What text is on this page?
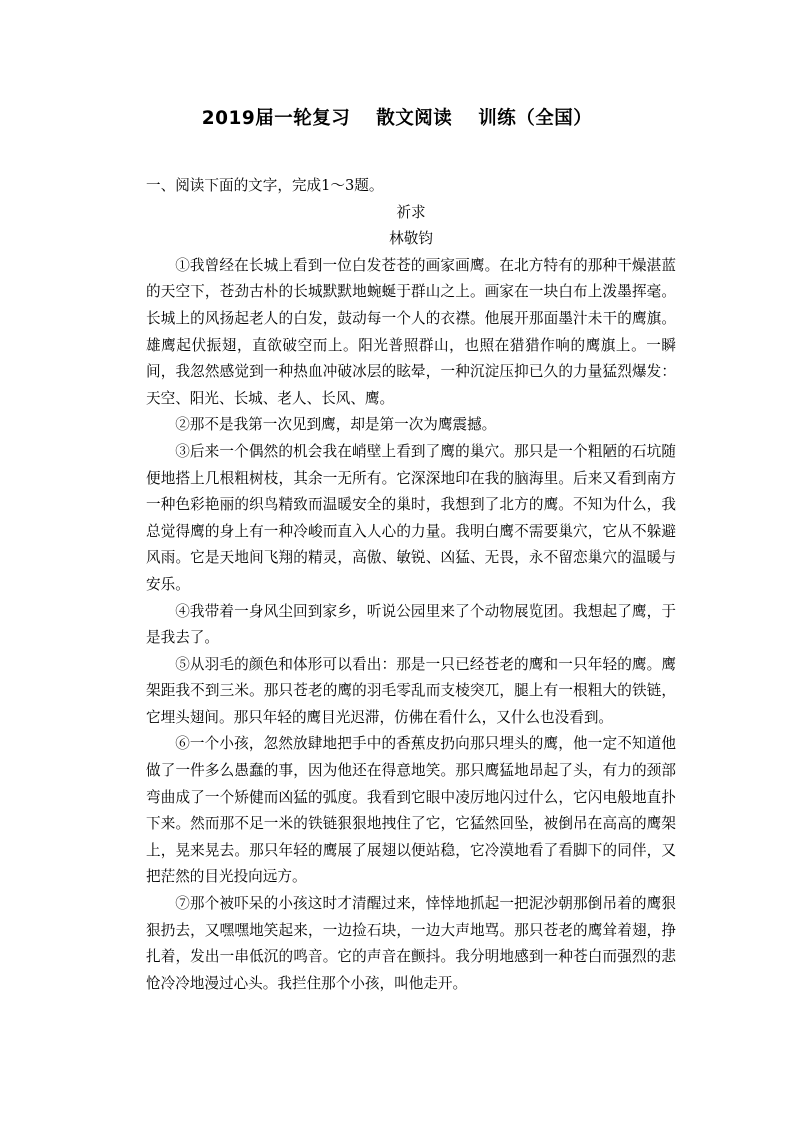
2019届一轮复习 散文阅读 训练（全国）

一、阅读下面的文字，完成1～3题。

祈求

林敬钧

①我曾经在长城上看到一位白发苍苍的画家画鹰。在北方特有的那种干燥湛蓝的天空下，苍劲古朴的长城默默地蜿蜒于群山之上。画家在一块白布上泼墨挥毫。长城上的风扬起老人的白发，鼓动每一个人的衣襟。他展开那面墨汁未干的鹰旗。雄鹰起伏振翅，直欲破空而上。阳光普照群山，也照在猎猎作响的鹰旗上。一瞬间，我忽然感觉到一种热血冲破冰层的眩晕，一种沉淀压抑已久的力量猛烈爆发：天空、阳光、长城、老人、长风、鹰。

②那不是我第一次见到鹰，却是第一次为鹰震撼。

③后来一个偶然的机会我在峭壁上看到了鹰的巢穴。那只是一个粗陋的石坑随便地搭上几根粗树枝，其余一无所有。它深深地印在我的脑海里。后来又看到南方一种色彩艳丽的织鸟精致而温暖安全的巢时，我想到了北方的鹰。不知为什么，我总觉得鹰的身上有一种冷峻而直入人心的力量。我明白鹰不需要巢穴，它从不躲避风雨。它是天地间飞翔的精灵，高傲、敏锐、凶猛、无畏，永不留恋巢穴的温暖与安乐。

④我带着一身风尘回到家乡，听说公园里来了个动物展览团。我想起了鹰，于是我去了。

⑤从羽毛的颜色和体形可以看出：那是一只已经苍老的鹰和一只年轻的鹰。鹰架距我不到三米。那只苍老的鹰的羽毛零乱而支棱突兀，腿上有一根粗大的铁链，它埋头翅间。那只年轻的鹰目光迟滞，仿佛在看什么，又什么也没看到。

⑥一个小孩，忽然放肆地把手中的香蕉皮扔向那只埋头的鹰，他一定不知道他做了一件多么愚蠢的事，因为他还在得意地笑。那只鹰猛地昂起了头，有力的颈部弯曲成了一个矫健而凶猛的弧度。我看到它眼中凌厉地闪过什么，它闪电般地直扑下来。然而那不足一米的铁链狠狠地拽住了它，它猛然回坠，被倒吊在高高的鹰架上，晃来晃去。那只年轻的鹰展了展翅以便站稳，它冷漠地看了看脚下的同伴，又把茫然的目光投向远方。

⑦那个被吓呆的小孩这时才清醒过来，悻悻地抓起一把泥沙朝那倒吊着的鹰狠狠扔去，又嘿嘿地笑起来，一边捡石块，一边大声地骂。那只苍老的鹰耸着翅，挣扎着，发出一串低沉的鸣音。它的声音在颤抖。我分明地感到一种苍白而强烈的悲怆冷冷地漫过心头。我拦住那个小孩，叫他走开。
